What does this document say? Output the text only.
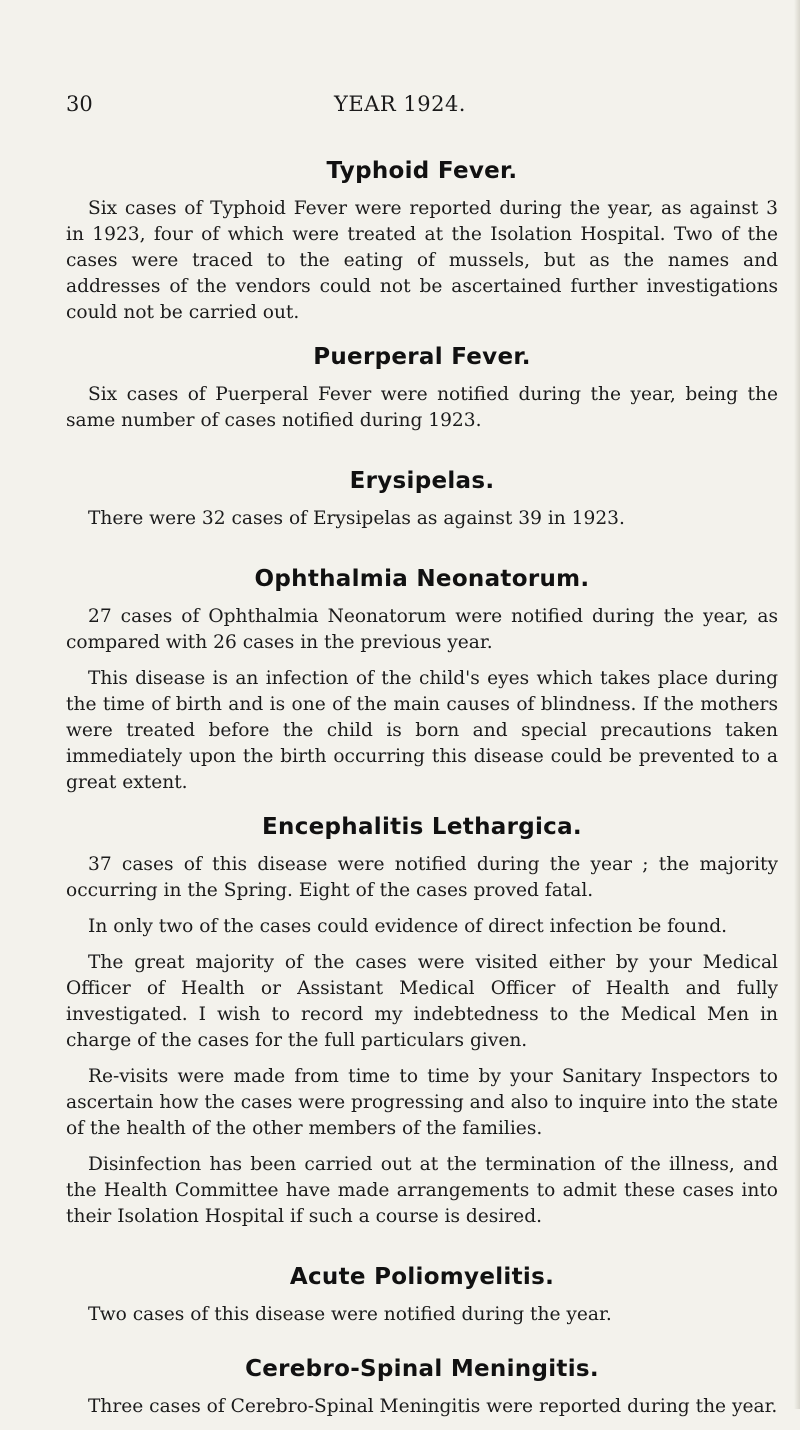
30	YEAR 1924.
Typhoid Fever.

Six cases of Typhoid Fever were reported during the year, as against 3 in 1923, four of which were treated at the Isolation Hospital. Two of the cases were traced to the eating of mussels, but as the names and addresses of the vendors could not be ascertained further investigations could not be carried out.

Puerperal Fever.

Six cases of Puerperal Fever were notified during the year, being the same number of cases notified during 1923.

Erysipelas.

There were 32 cases of Erysipelas as against 39 in 1923.

Ophthalmia Neonatorum.

27 cases of Ophthalmia Neonatorum were notified during the year, as compared with 26 cases in the previous year.

This disease is an infection of the child's eyes which takes place during the time of birth and is one of the main causes of blindness. If the mothers were treated before the child is born and special precautions taken immediately upon the birth occurring this disease could be prevented to a great extent.

Encephalitis Lethargica.

37 cases of this disease were notified during the year ; the majority occurring in the Spring. Eight of the cases proved fatal.

In only two of the cases could evidence of direct infection be found.

The great majority of the cases were visited either by your Medical Officer of Health or Assistant Medical Officer of Health and fully investigated. I wish to record my indebtedness to the Medical Men in charge of the cases for the full particulars given.

Re-visits were made from time to time by your Sanitary Inspectors to ascertain how the cases were progressing and also to inquire into the state of the health of the other members of the families.

Disinfection has been carried out at the termination of the illness, and the Health Committee have made arrangements to admit these cases into their Isolation Hospital if such a course is desired.

Acute Poliomyelitis.

Two cases of this disease were notified during the year.

Cerebro-Spinal Meningitis.

Three cases of Cerebro-Spinal Meningitis were reported during the year.
